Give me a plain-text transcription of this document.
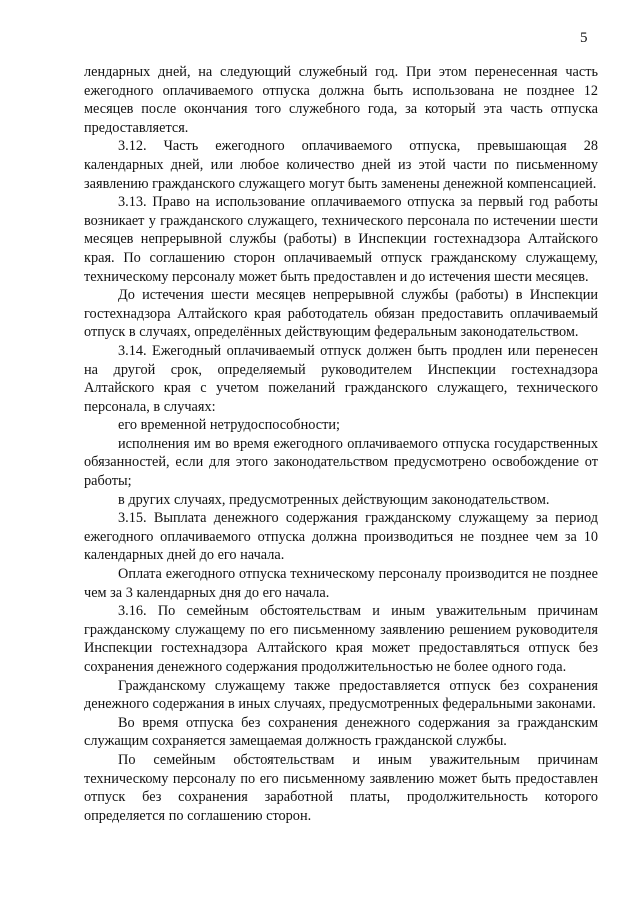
5

лендарных дней, на следующий служебный год. При этом перенесенная часть ежегодного оплачиваемого отпуска должна быть использована не позднее 12 месяцев после окончания того служебного года, за который эта часть отпуска предоставляется.

3.12. Часть ежегодного оплачиваемого отпуска, превышающая 28 календарных дней, или любое количество дней из этой части по письменному заявлению гражданского служащего могут быть заменены денежной компенсацией.

3.13. Право на использование оплачиваемого отпуска за первый год работы возникает у гражданского служащего, технического персонала по истечении шести месяцев непрерывной службы (работы) в Инспекции гостехнадзора Алтайского края. По соглашению сторон оплачиваемый отпуск гражданскому служащему, техническому персоналу может быть предоставлен и до истечения шести месяцев.

До истечения шести месяцев непрерывной службы (работы) в Инспекции гостехнадзора Алтайского края работодатель обязан предоставить оплачиваемый отпуск в случаях, определённых действующим федеральным законодательством.

3.14. Ежегодный оплачиваемый отпуск должен быть продлен или перенесен на другой срок, определяемый руководителем Инспекции гостехнадзора Алтайского края с учетом пожеланий гражданского служащего, технического персонала, в случаях:

его временной нетрудоспособности;

исполнения им во время ежегодного оплачиваемого отпуска государственных обязанностей, если для этого законодательством предусмотрено освобождение от работы;

в других случаях, предусмотренных действующим законодательством.

3.15. Выплата денежного содержания гражданскому служащему за период ежегодного оплачиваемого отпуска должна производиться не позднее чем за 10 календарных дней до его начала.

Оплата ежегодного отпуска техническому персоналу производится не позднее чем за 3 календарных дня до его начала.

3.16. По семейным обстоятельствам и иным уважительным причинам гражданскому служащему по его письменному заявлению решением руководителя Инспекции гостехнадзора Алтайского края может предоставляться отпуск без сохранения денежного содержания продолжительностью не более одного года.

Гражданскому служащему также предоставляется отпуск без сохранения денежного содержания в иных случаях, предусмотренных федеральными законами.

Во время отпуска без сохранения денежного содержания за гражданским служащим сохраняется замещаемая должность гражданской службы.

По семейным обстоятельствам и иным уважительным причинам техническому персоналу по его письменному заявлению может быть предоставлен отпуск без сохранения заработной платы, продолжительность которого определяется по соглашению сторон.
